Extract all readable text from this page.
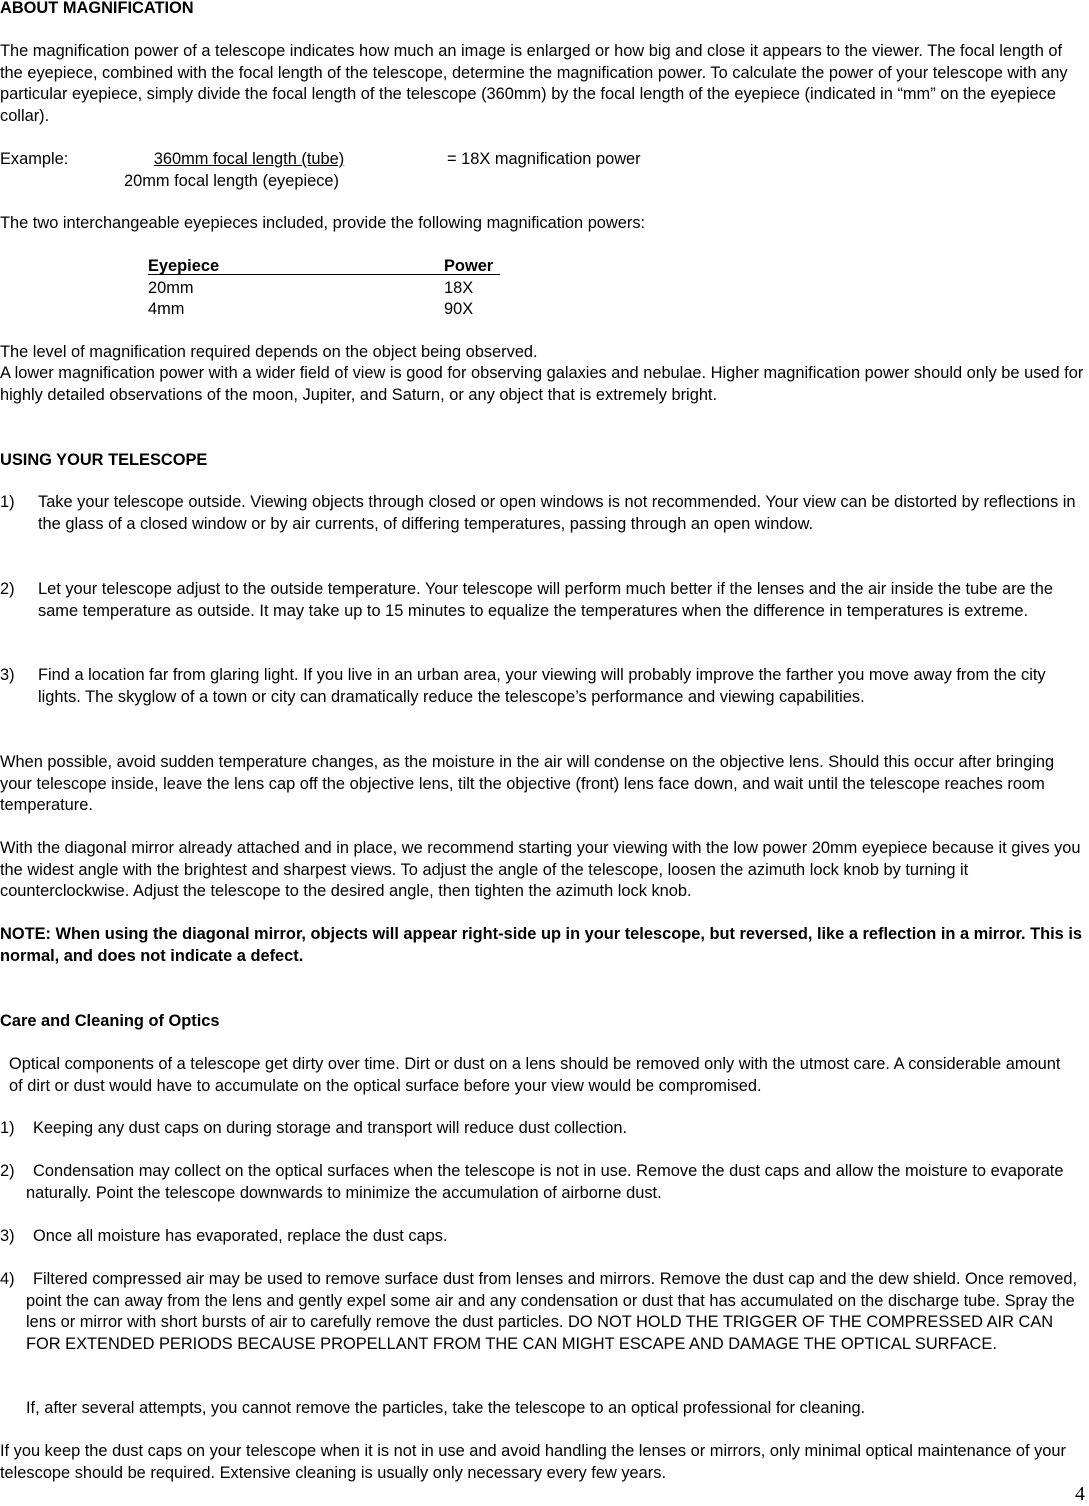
ABOUT MAGNIFICATION

The magnification power of a telescope indicates how much an image is enlarged or how big and close it appears to the viewer. The focal length of the eyepiece, combined with the focal length of the telescope, determine the magnification power. To calculate the power of your telescope with any particular eyepiece, simply divide the focal length of the telescope (360mm) by the focal length of the eyepiece (indicated in “mm” on the eyepiece collar).

Example:	360mm focal length (tube)	= 18X magnification power
20mm focal length (eyepiece)

The two interchangeable eyepieces included, provide the following magnification powers:

Eyepiece	Power
20mm	18X
4mm	90X

The level of magnification required depends on the object being observed.

A lower magnification power with a wider field of view is good for observing galaxies and nebulae. Higher magnification power should only be used for highly detailed observations of the moon, Jupiter, and Saturn, or any object that is extremely bright.

USING YOUR TELESCOPE
1) Take your telescope outside. Viewing objects through closed or open windows is not recommended. Your view can be distorted by reflections in the glass of a closed window or by air currents, of differing temperatures, passing through an open window.
2) Let your telescope adjust to the outside temperature. Your telescope will perform much better if the lenses and the air inside the tube are the same temperature as outside. It may take up to 15 minutes to equalize the temperatures when the difference in temperatures is extreme.
3) Find a location far from glaring light. If you live in an urban area, your viewing will probably improve the farther you move away from the city lights. The skyglow of a town or city can dramatically reduce the telescope’s performance and viewing capabilities.

When possible, avoid sudden temperature changes, as the moisture in the air will condense on the objective lens. Should this occur after bringing your telescope inside, leave the lens cap off the objective lens, tilt the objective (front) lens face down, and wait until the telescope reaches room temperature.

With the diagonal mirror already attached and in place, we recommend starting your viewing with the low power 20mm eyepiece because it gives you the widest angle with the brightest and sharpest views. To adjust the angle of the telescope, loosen the azimuth lock knob by turning it counterclockwise. Adjust the telescope to the desired angle, then tighten the azimuth lock knob.

NOTE: When using the diagonal mirror, objects will appear right-side up in your telescope, but reversed, like a reflection in a mirror. This is normal, and does not indicate a defect.

Care and Cleaning of Optics

Optical components of a telescope get dirty over time. Dirt or dust on a lens should be removed only with the utmost care. A considerable amount of dirt or dust would have to accumulate on the optical surface before your view would be compromised.

1) Keeping any dust caps on during storage and transport will reduce dust collection.
2)	Condensation may collect on the optical surfaces when the telescope is not in use. Remove the dust caps and allow the moisture to evaporate naturally. Point the telescope downwards to minimize the accumulation of airborne dust.
3) Once all moisture has evaporated, replace the dust caps.
4)	Filtered compressed air may be used to remove surface dust from lenses and mirrors. Remove the dust cap and the dew shield. Once removed, point the can away from the lens and gently expel some air and any condensation or dust that has accumulated on the discharge tube. Spray the lens or mirror with short bursts of air to carefully remove the dust particles. DO NOT HOLD THE TRIGGER OF THE COMPRESSED AIR CAN FOR EXTENDED PERIODS BECAUSE PROPELLANT FROM THE CAN MIGHT ESCAPE AND DAMAGE THE OPTICAL SURFACE.

If, after several attempts, you cannot remove the particles, take the telescope to an optical professional for cleaning.

If you keep the dust caps on your telescope when it is not in use and avoid handling the lenses or mirrors, only minimal optical maintenance of your telescope should be required. Extensive cleaning is usually only necessary every few years.

4
